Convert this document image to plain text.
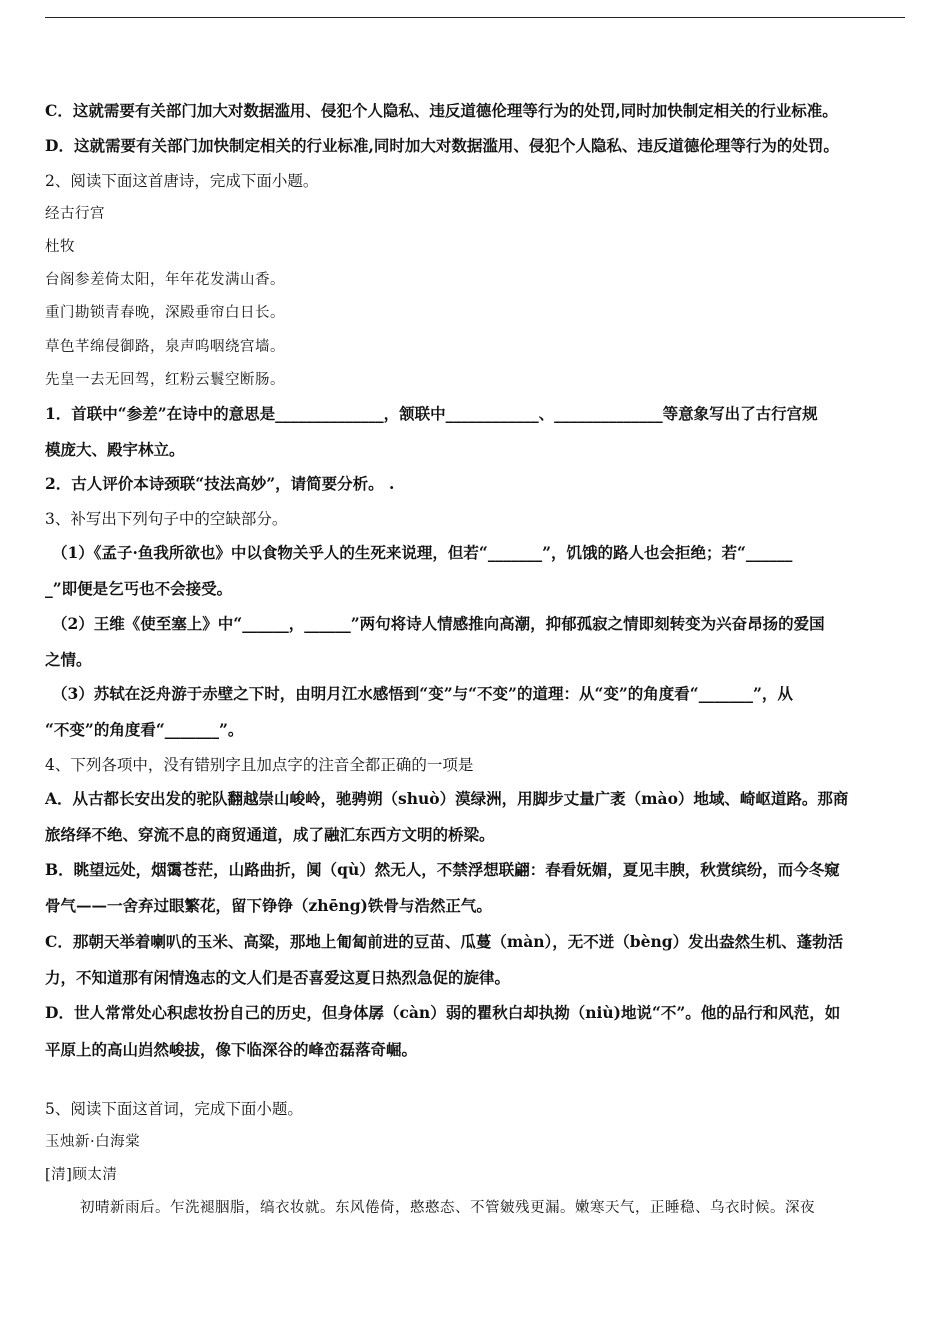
C．这就需要有关部门加大对数据滥用、侵犯个人隐私、违反道德伦理等行为的处罚,同时加快制定相关的行业标准。
D．这就需要有关部门加快制定相关的行业标准,同时加大对数据滥用、侵犯个人隐私、违反道德伦理等行为的处罚。
2、阅读下面这首唐诗，完成下面小题。
经古行宫
杜牧
台阁参差倚太阳，年年花发满山香。
重门勘锁青春晚，深殿垂帘白日长。
草色芊绵侵御路，泉声呜咽绕宫墙。
先皇一去无回驾，红粉云鬟空断肠。
1．首联中“参差”在诗中的意思是______________，颔联中____________、______________等意象写出了古行宫规
模庞大、殿宇林立。
2．古人评价本诗颈联“技法高妙”，请简要分析。 .
3、补写出下列句子中的空缺部分。
（1）《孟子·鱼我所欲也》中以食物关乎人的生死来说理，但若“_______”，饥饿的路人也会拒绝；若“______
_”即便是乞丐也不会接受。
（2）王维《使至塞上》中“______，______”两句将诗人情感推向高潮，抑郁孤寂之情即刻转变为兴奋昂扬的爱国
之情。
（3）苏轼在泛舟游于赤壁之下时，由明月江水感悟到“变”与“不变”的道理：从“变”的角度看“_______”，从
“不变”的角度看“_______”。
4、下列各项中，没有错别字且加点字的注音全都正确的一项是
A．从古都长安出发的驼队翻越崇山峻岭，驰骋朔（shuò）漠绿洲，用脚步丈量广袤（mào）地域、崎岖道路。那商
旅络绎不绝、穿流不息的商贸通道，成了融汇东西方文明的桥梁。
B．眺望远处，烟霭苍茫，山路曲折，阒（qù）然无人，不禁浮想联翩：春看妩媚，夏见丰腴，秋赏缤纷，而今冬窥
骨气——一舍弃过眼繁花，留下铮铮（zhēng)铁骨与浩然正气。
C．那朝天举着喇叭的玉米、高粱，那地上匍匐前进的豆苗、瓜蔓（màn），无不迸（bèng）发出盎然生机、蓬勃活
力，不知道那有闲情逸志的文人们是否喜爱这夏日热烈急促的旋律。
D．世人常常处心积虑妆扮自己的历史，但身体孱（càn）弱的瞿秋白却执拗（niù)地说“不”。他的品行和风范，如
平原上的高山岿然峻拔，像下临深谷的峰峦磊落奇崛。
5、阅读下面这首词，完成下面小题。
玉烛新·白海棠
[清]顾太清
初晴新雨后。乍洗褪胭脂，缟衣妆就。东风倦倚，憨憨态、不管皴残更漏。嫩寒天气，正睡稳、乌衣时候。深夜
